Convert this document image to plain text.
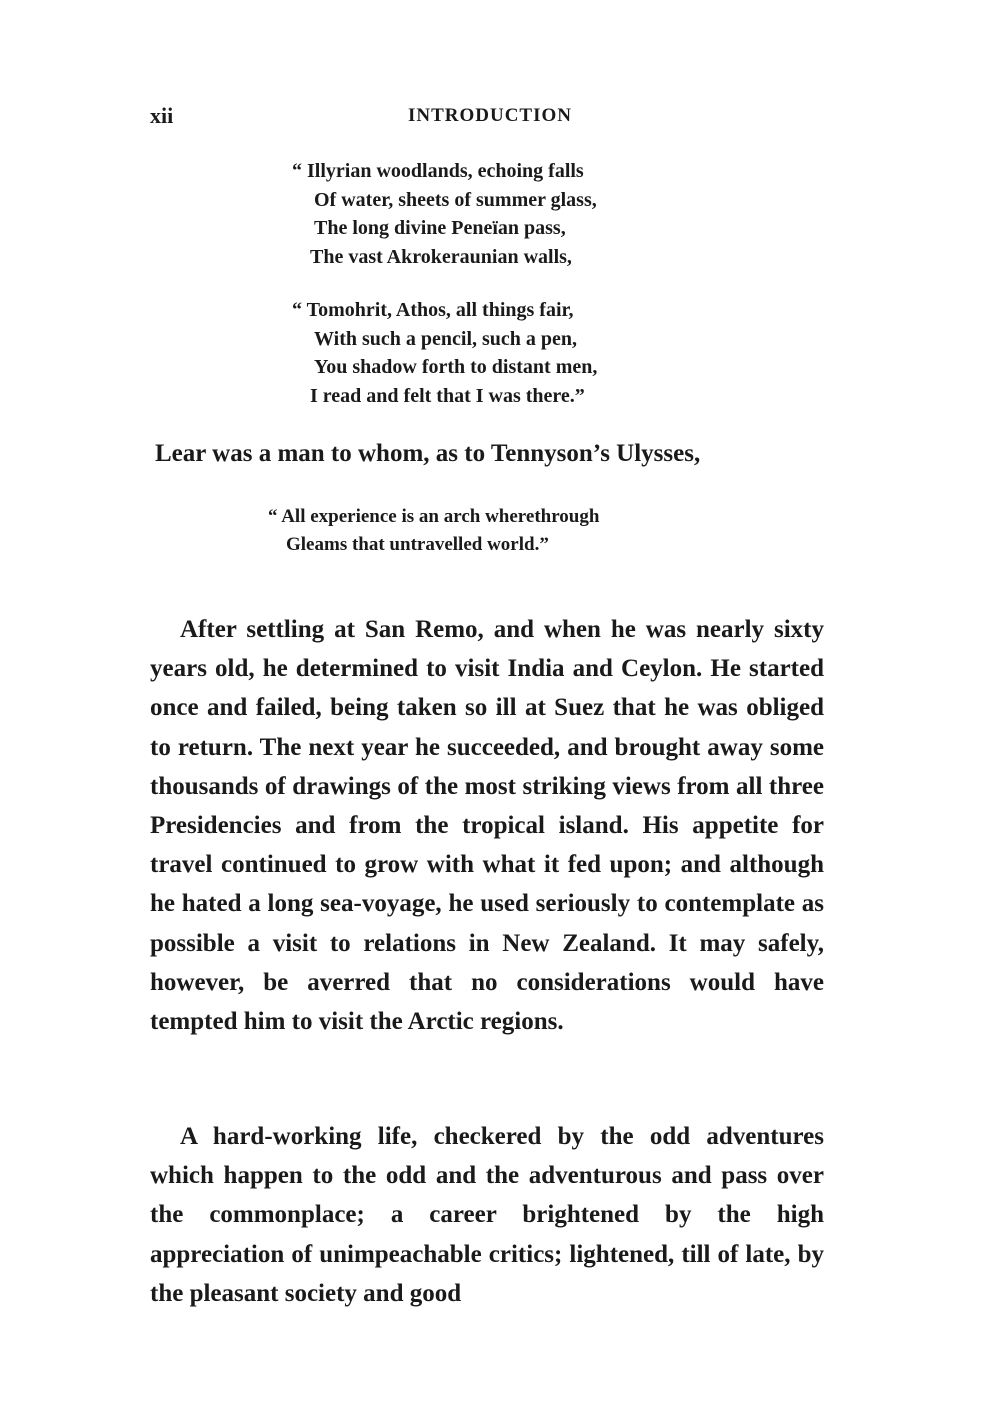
xii	INTRODUCTION
“ Illyrian woodlands, echoing falls
Of water, sheets of summer glass,
The long divine Peneïan pass,
The vast Akrokeraunian walls,
“ Tomohrit, Athos, all things fair,
With such a pencil, such a pen,
You shadow forth to distant men,
I read and felt that I was there.”
Lear was a man to whom, as to Tennyson’s Ulysses,
“ All experience is an arch wherethrough
Gleams that untravelled world.”

After settling at San Remo, and when he was nearly sixty years old, he determined to visit India and Ceylon. He started once and failed, being taken so ill at Suez that he was obliged to return. The next year he succeeded, and brought away some thousands of drawings of the most striking views from all three Presidencies and from the tropical island. His appetite for travel continued to grow with what it fed upon; and although he hated a long sea-voyage, he used seriously to contemplate as possible a visit to relations in New Zealand. It may safely, however, be averred that no considerations would have tempted him to visit the Arctic regions.

A hard-working life, checkered by the odd adventures which happen to the odd and the adventurous and pass over the commonplace; a career brightened by the high appreciation of unimpeachable critics; lightened, till of late, by the pleasant society and good
